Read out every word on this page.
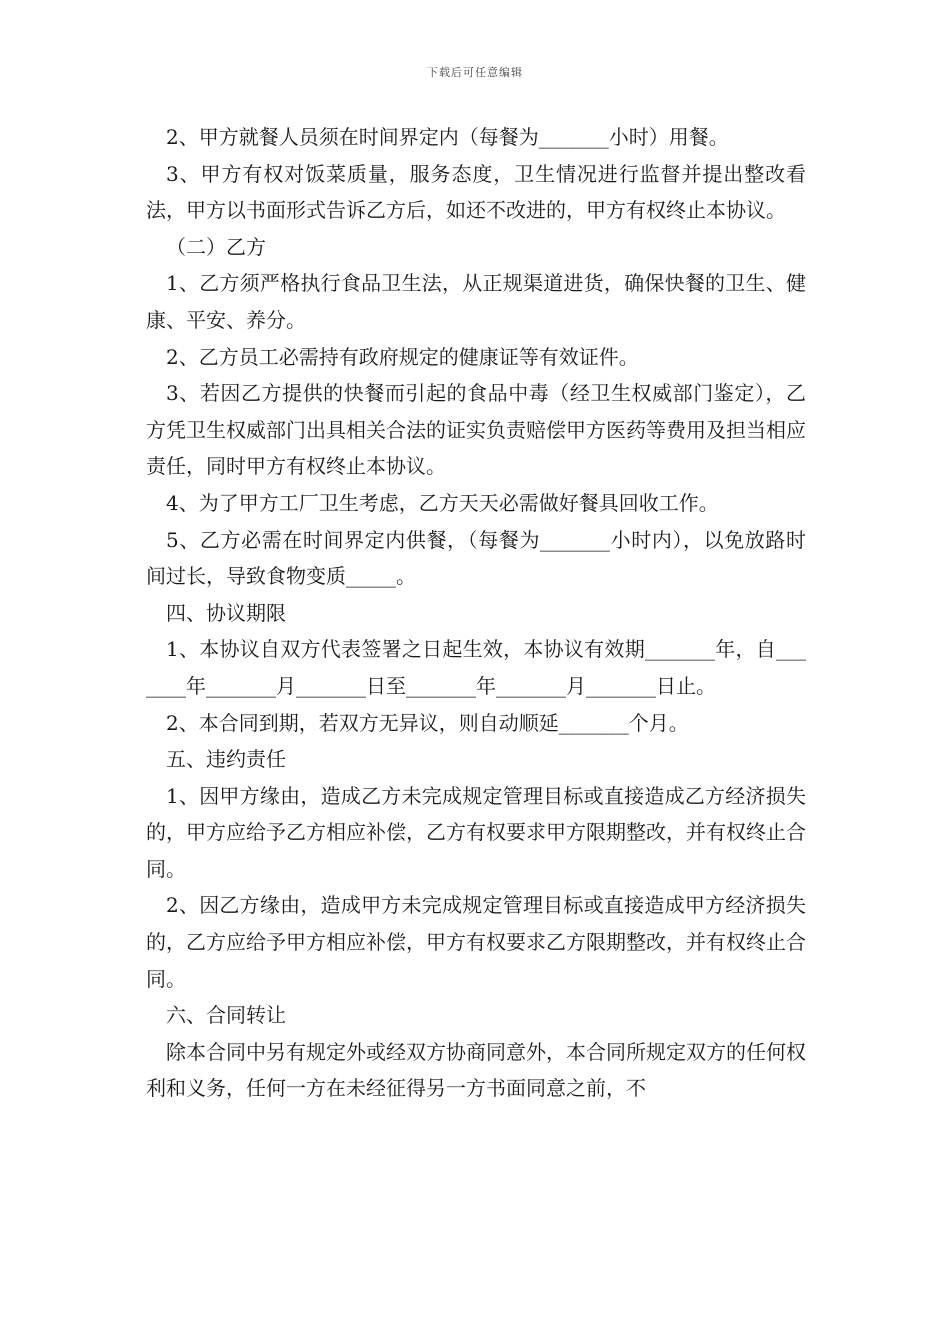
下载后可任意编辑

2、甲方就餐人员须在时间界定内（每餐为_______小时）用餐。

3、甲方有权对饭菜质量，服务态度，卫生情况进行监督并提出整改看法，甲方以书面形式告诉乙方后，如还不改进的，甲方有权终止本协议。

（二）乙方

1、乙方须严格执行食品卫生法，从正规渠道进货，确保快餐的卫生、健康、平安、养分。

2、乙方员工必需持有政府规定的健康证等有效证件。

3、若因乙方提供的快餐而引起的食品中毒（经卫生权威部门鉴定），乙方凭卫生权威部门出具相关合法的证实负责赔偿甲方医药等费用及担当相应责任，同时甲方有权终止本协议。

4、为了甲方工厂卫生考虑，乙方天天必需做好餐具回收工作。

5、乙方必需在时间界定内供餐，（每餐为_______小时内），以免放路时间过长，导致食物变质_____。

四、协议期限

1、本协议自双方代表签署之日起生效，本协议有效期_______年，自_______年_______月_______日至_______年_______月_______日止。

2、本合同到期，若双方无异议，则自动顺延_______个月。

五、违约责任

1、因甲方缘由，造成乙方未完成规定管理目标或直接造成乙方经济损失的，甲方应给予乙方相应补偿，乙方有权要求甲方限期整改，并有权终止合同。

2、因乙方缘由，造成甲方未完成规定管理目标或直接造成甲方经济损失的，乙方应给予甲方相应补偿，甲方有权要求乙方限期整改，并有权终止合同。

六、合同转让

除本合同中另有规定外或经双方协商同意外，本合同所规定双方的任何权利和义务，任何一方在未经征得另一方书面同意之前，不
